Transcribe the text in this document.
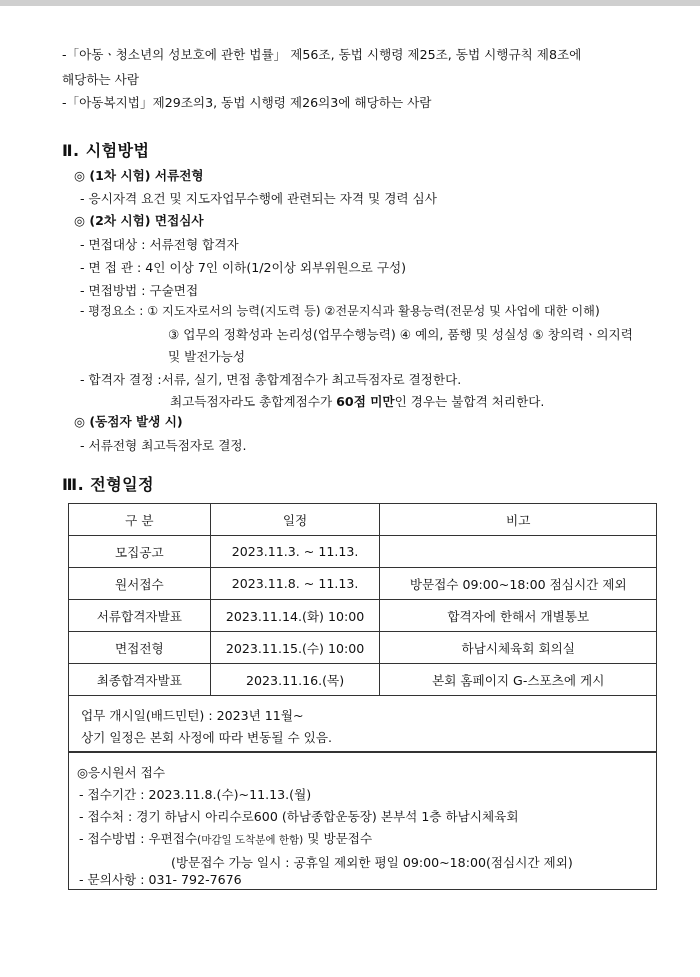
-「아동ㆍ청소년의 성보호에 관한 법률」 제56조, 동법 시행령 제25조, 동법 시행규칙 제8조에
해당하는 사람
-「아동복지법」제29조의3, 동법 시행령 제26의3에 해당하는 사람
Ⅱ. 시험방법
◎ (1차 시험) 서류전형
- 응시자격 요건 및 지도자업무수행에 관련되는 자격 및 경력 심사
◎ (2차 시험) 면접심사
- 면접대상 : 서류전형 합격자
- 면 접 관 : 4인 이상 7인 이하(1/2이상 외부위원으로 구성)
- 면접방법 : 구술면접
- 평정요소 : ① 지도자로서의 능력(지도력 등) ②전문지식과 활용능력(전문성 및 사업에 대한 이해)
③ 업무의 정확성과 논리성(업무수행능력) ④ 예의, 품행 및 성실성 ⑤ 창의력ㆍ의지력
및 발전가능성
- 합격자 결정 :서류, 실기, 면접 총합계점수가 최고득점자로 결정한다.
최고득점자라도 총합계점수가 60점 미만인 경우는 불합격 처리한다.
◎ (동점자 발생 시)
- 서류전형 최고득점자로 결정.
Ⅲ. 전형일정
구 분	일정	비고
모집공고	2023.11.3. ~ 11.13.	
원서접수	2023.11.8. ~ 11.13.	방문접수 09:00~18:00 점심시간 제외
서류합격자발표	2023.11.14.(화) 10:00	합격자에 한해서 개별통보
면접전형	2023.11.15.(수) 10:00	하남시체육회 회의실
최종합격자발표	2023.11.16.(목)	본회 홈페이지 G-스포츠에 게시
업무 개시일(배드민턴) : 2023년 11월~
상기 일정은 본회 사정에 따라 변동될 수 있음.
◎응시원서 접수
- 접수기간 : 2023.11.8.(수)~11.13.(월)
- 접수처 : 경기 하남시 아리수로600 (하남종합운동장) 본부석 1층 하남시체육회
- 접수방법 : 우편접수(마감일 도착분에 한함) 및 방문접수
(방문접수 가능 일시 : 공휴일 제외한 평일 09:00~18:00(점심시간 제외)
- 문의사항 : 031- 792-7676
